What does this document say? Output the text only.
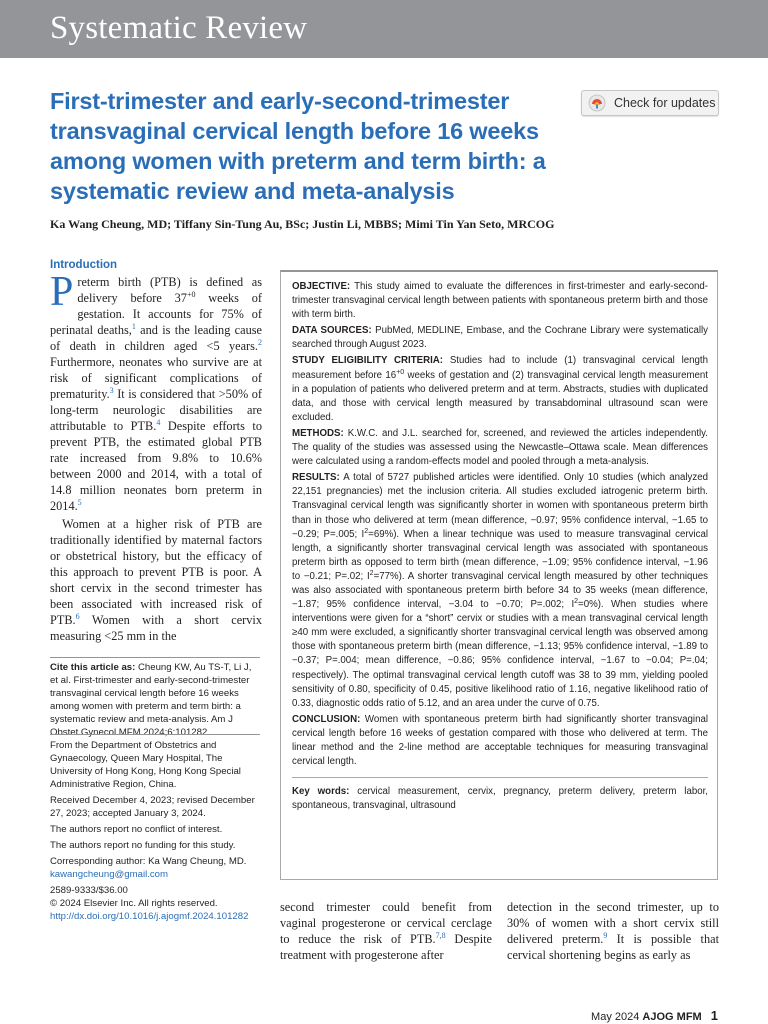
Systematic Review
First-trimester and early-second-trimester transvaginal cervical length before 16 weeks among women with preterm and term birth: a systematic review and meta-analysis
Check for updates

Ka Wang Cheung, MD; Tiffany Sin-Tung Au, BSc; Justin Li, MBBS; Mimi Tin Yan Seto, MRCOG

Introduction

Preterm birth (PTB) is defined as delivery before $37^{+0}$ weeks of gestation. It accounts for 75% of perinatal deaths,$^1$ and is the leading cause of death in children aged <5 years.$^2$ Furthermore, neonates who survive are at risk of significant complications of prematurity.$^3$ It is considered that >50% of long-term neurologic disabilities are attributable to PTB.$^4$ Despite efforts to prevent PTB, the estimated global PTB rate increased from 9.8% to 10.6% between 2000 and 2014, with a total of 14.8 million neonates born preterm in 2014.$^5$

Women at a higher risk of PTB are traditionally identified by maternal factors or obstetrical history, but the efficacy of this approach to prevent PTB is poor. A short cervix in the second trimester has been associated with increased risk of PTB.$^6$ Women with a short cervix measuring <25 mm in the

Cite this article as: Cheung KW, Au TS-T, Li J, et al. First-trimester and early-second-trimester transvaginal cervical length before 16 weeks among women with preterm and term birth: a systematic review and meta-analysis. Am J Obstet Gynecol MFM 2024;6:101282.

From the Department of Obstetrics and Gynaecology, Queen Mary Hospital, The University of Hong Kong, Hong Kong Special Administrative Region, China.

Received December 4, 2023; revised December 27, 2023; accepted January 3, 2024.

The authors report no conflict of interest.

The authors report no funding for this study.

Corresponding author: Ka Wang Cheung, MD.

kawangcheung@gmail.com

2589-9333/$36.00

© 2024 Elsevier Inc. All rights reserved.

http://dx.doi.org/10.1016/j.ajogmf.2024.101282

OBJECTIVE: This study aimed to evaluate the differences in first-trimester and early-second-trimester transvaginal cervical length between patients with spontaneous preterm birth and those with term birth.

DATA SOURCES: PubMed, MEDLINE, Embase, and the Cochrane Library were systematically searched through August 2023.

STUDY ELIGIBILITY CRITERIA: Studies had to include (1) transvaginal cervical length measurement before $16^{+0}$ weeks of gestation and (2) transvaginal cervical length measurement in a population of patients who delivered preterm and at term. Abstracts, studies with duplicated data, and those with cervical length measured by transabdominal ultrasound scan were excluded.

METHODS: K.W.C. and J.L. searched for, screened, and reviewed the articles independently. The quality of the studies was assessed using the Newcastle–Ottawa scale. Mean differences were calculated using a random-effects model and pooled through a meta-analysis.

RESULTS: A total of 5727 published articles were identified. Only 10 studies (which analyzed 22,151 pregnancies) met the inclusion criteria. All studies excluded iatrogenic preterm birth. Transvaginal cervical length was significantly shorter in women with spontaneous preterm birth than in those who delivered at term (mean difference, −0.97; 95% confidence interval, −1.65 to −0.29; P=.005; $I^2=69\%$). When a linear technique was used to measure transvaginal cervical length, a significantly shorter transvaginal cervical length was associated with spontaneous preterm birth as opposed to term birth (mean difference, −1.09; 95% confidence interval, −1.96 to −0.21; P=.02; $I^2=77\%$). A shorter transvaginal cervical length measured by other techniques was also associated with spontaneous preterm birth before 34 to 35 weeks (mean difference, −1.87; 95% confidence interval, −3.04 to −0.70; P=.002; $I^2=0\%$). When studies where interventions were given for a “short” cervix or studies with a mean transvaginal cervical length ≥40 mm were excluded, a significantly shorter transvaginal cervical length was observed among those with spontaneous preterm birth (mean difference, −1.13; 95% confidence interval, −1.89 to −0.37; P=.004; mean difference, −0.86; 95% confidence interval, −1.67 to −0.04; P=.04; respectively). The optimal transvaginal cervical length cutoff was 38 to 39 mm, yielding pooled sensitivity of 0.80, specificity of 0.45, positive likelihood ratio of 1.16, negative likelihood ratio of 0.33, diagnostic odds ratio of 5.12, and an area under the curve of 0.75.

CONCLUSION: Women with spontaneous preterm birth had significantly shorter transvaginal cervical length before 16 weeks of gestation compared with those who delivered at term. The linear method and the 2-line method are acceptable techniques for measuring transvaginal cervical length.

Key words: cervical measurement, cervix, pregnancy, preterm delivery, preterm labor, spontaneous, transvaginal, ultrasound

second trimester could benefit from vaginal progesterone or cervical cerclage to reduce the risk of PTB.$^{7,8}$ Despite treatment with progesterone after

detection in the second trimester, up to 30% of women with a short cervix still delivered preterm.$^9$ It is possible that cervical shortening begins as early as

May 2024 AJOG MFM 1
